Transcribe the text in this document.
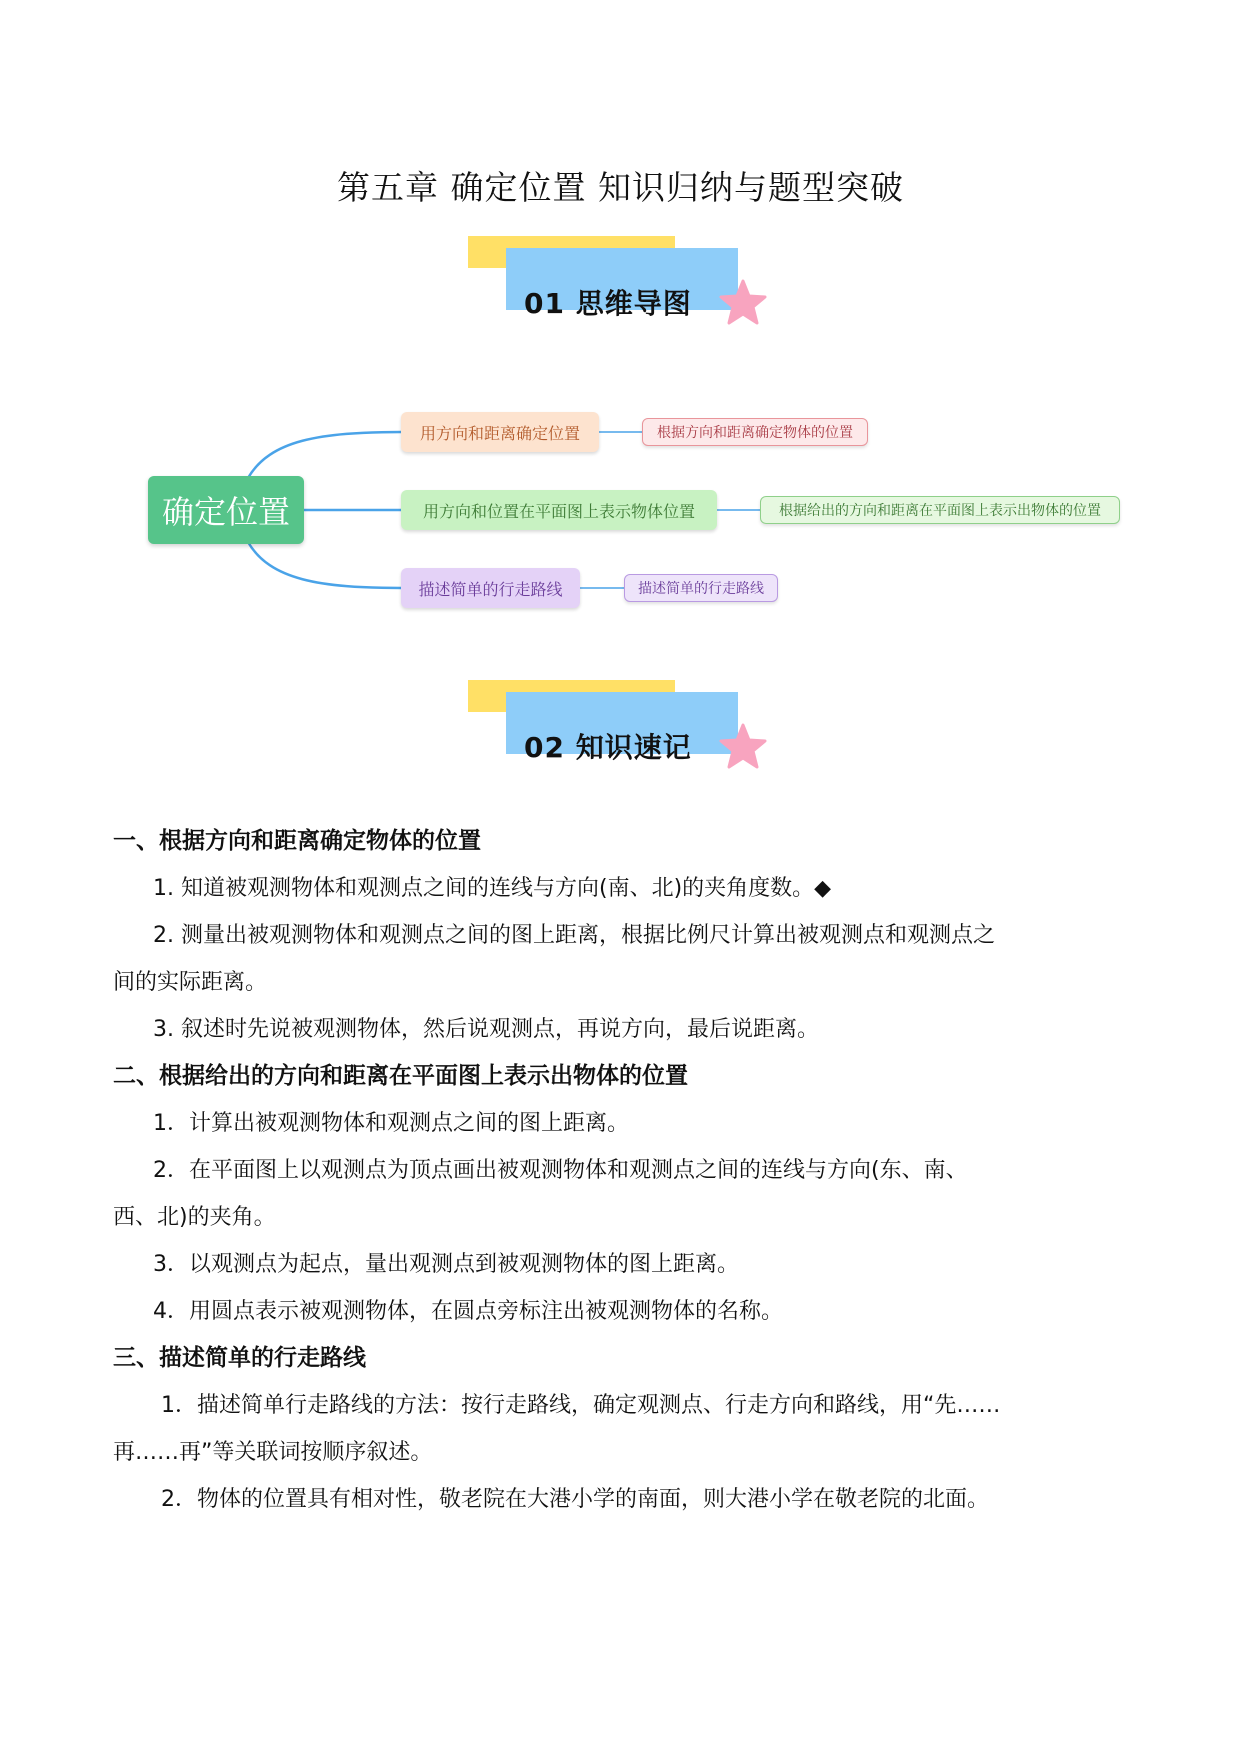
第五章 确定位置 知识归纳与题型突破
01 思维导图
确定位置
用方向和距离确定位置	根据方向和距离确定物体的位置
用方向和位置在平面图上表示物体位置	根据给出的方向和距离在平面图上表示出物体的位置
描述简单的行走路线	描述简单的行走路线
02 知识速记
一、根据方向和距离确定物体的位置
1. 知道被观测物体和观测点之间的连线与方向(南、北)的夹角度数。◆
2. 测量出被观测物体和观测点之间的图上距离，根据比例尺计算出被观测点和观测点之
间的实际距离。
3. 叙述时先说被观测物体，然后说观测点，再说方向，最后说距离。
二、根据给出的方向和距离在平面图上表示出物体的位置
1．计算出被观测物体和观测点之间的图上距离。
2．在平面图上以观测点为顶点画出被观测物体和观测点之间的连线与方向(东、南、
西、北)的夹角。
3．以观测点为起点，量出观测点到被观测物体的图上距离。
4．用圆点表示被观测物体，在圆点旁标注出被观测物体的名称。
三、描述简单的行走路线
1．描述简单行走路线的方法：按行走路线，确定观测点、行走方向和路线，用“先……
再……再”等关联词按顺序叙述。
2．物体的位置具有相对性，敬老院在大港小学的南面，则大港小学在敬老院的北面。
